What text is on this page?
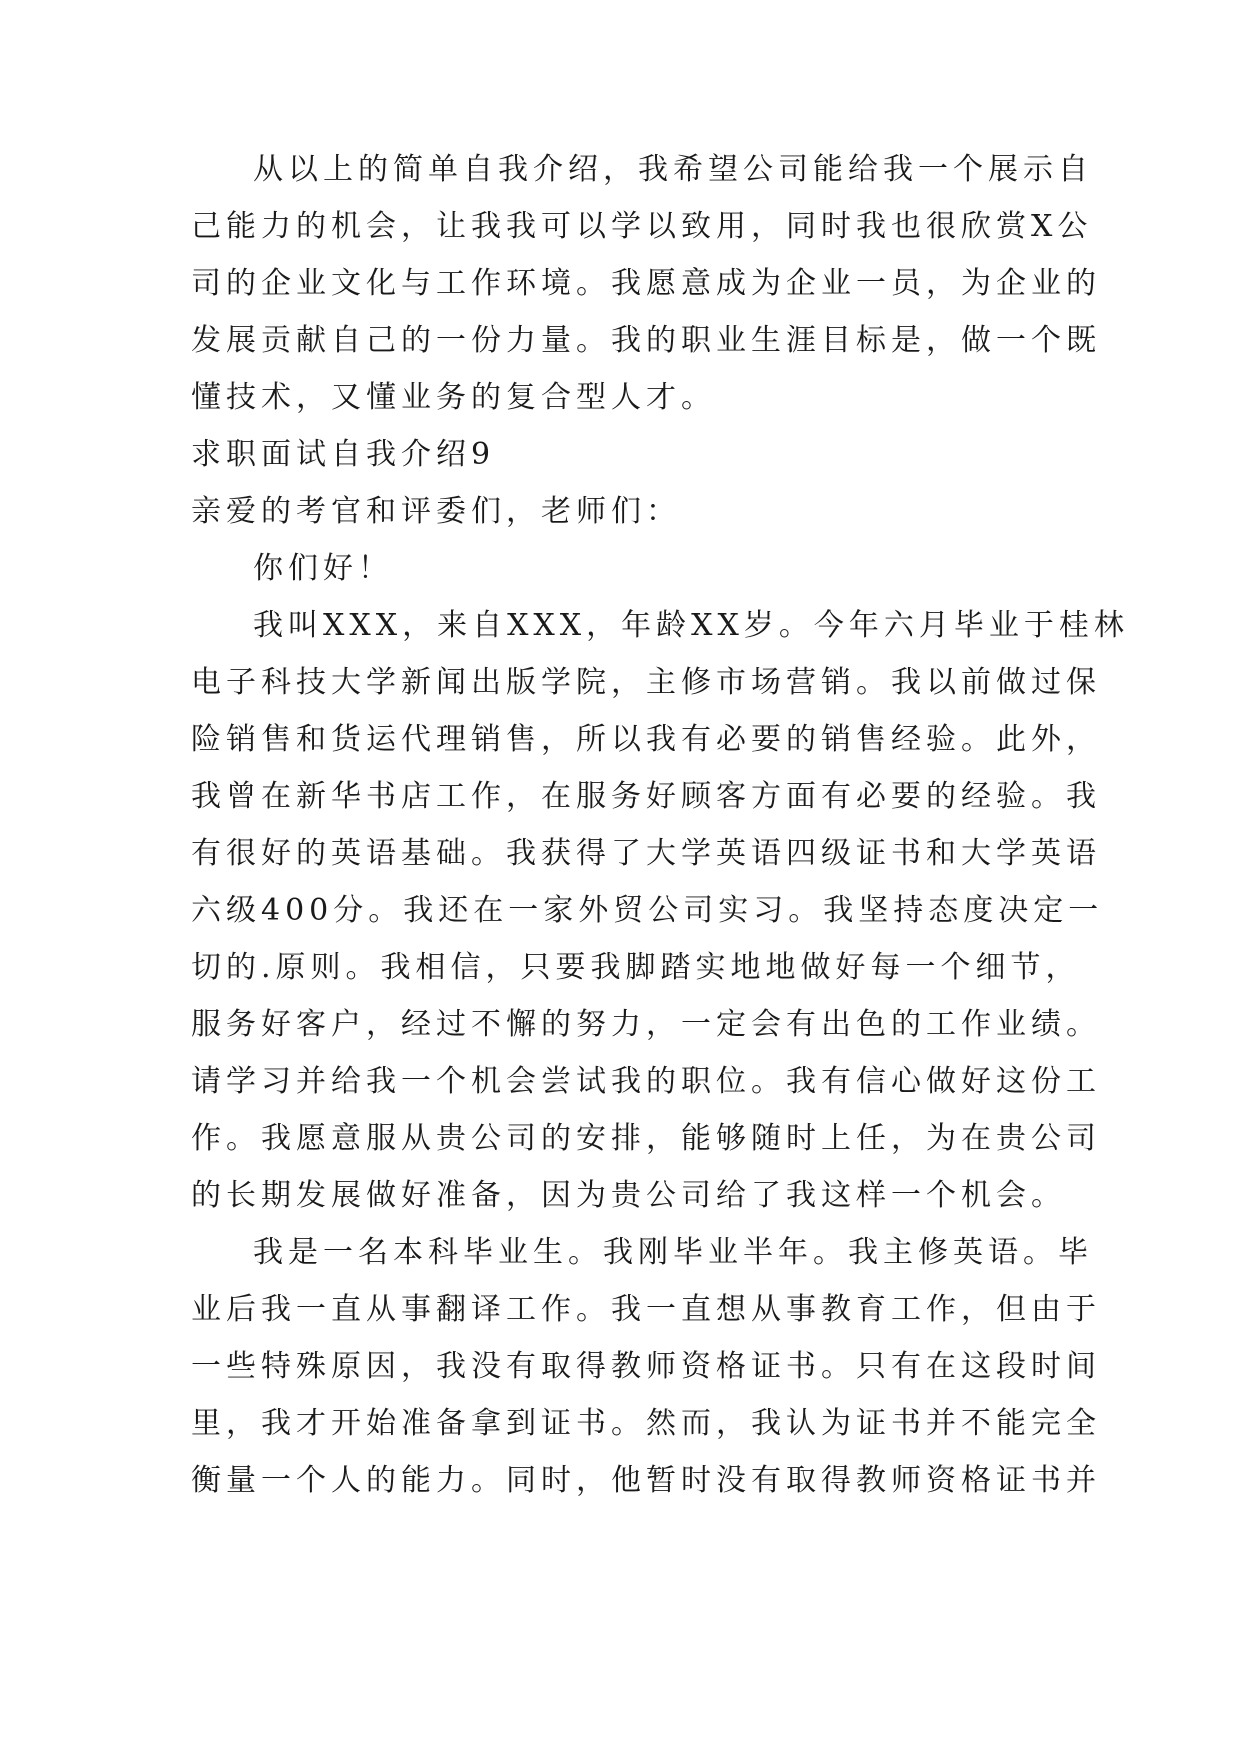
从以上的简单自我介绍，我希望公司能给我一个展示自

己能力的机会，让我我可以学以致用，同时我也很欣赏X公

司的企业文化与工作环境。我愿意成为企业一员，为企业的

发展贡献自己的一份力量。我的职业生涯目标是，做一个既

懂技术，又懂业务的复合型人才。

求职面试自我介绍9

亲爱的考官和评委们，老师们：

你们好！

我叫XXX，来自XXX，年龄XX岁。今年六月毕业于桂林

电子科技大学新闻出版学院，主修市场营销。我以前做过保

险销售和货运代理销售，所以我有必要的销售经验。此外，

我曾在新华书店工作，在服务好顾客方面有必要的经验。我

有很好的英语基础。我获得了大学英语四级证书和大学英语

六级400分。我还在一家外贸公司实习。我坚持态度决定一

切的.原则。我相信，只要我脚踏实地地做好每一个细节，

服务好客户，经过不懈的努力，一定会有出色的工作业绩。

请学习并给我一个机会尝试我的职位。我有信心做好这份工

作。我愿意服从贵公司的安排，能够随时上任，为在贵公司

的长期发展做好准备，因为贵公司给了我这样一个机会。

我是一名本科毕业生。我刚毕业半年。我主修英语。毕

业后我一直从事翻译工作。我一直想从事教育工作，但由于

一些特殊原因，我没有取得教师资格证书。只有在这段时间

里，我才开始准备拿到证书。然而，我认为证书并不能完全

衡量一个人的能力。同时，他暂时没有取得教师资格证书并
